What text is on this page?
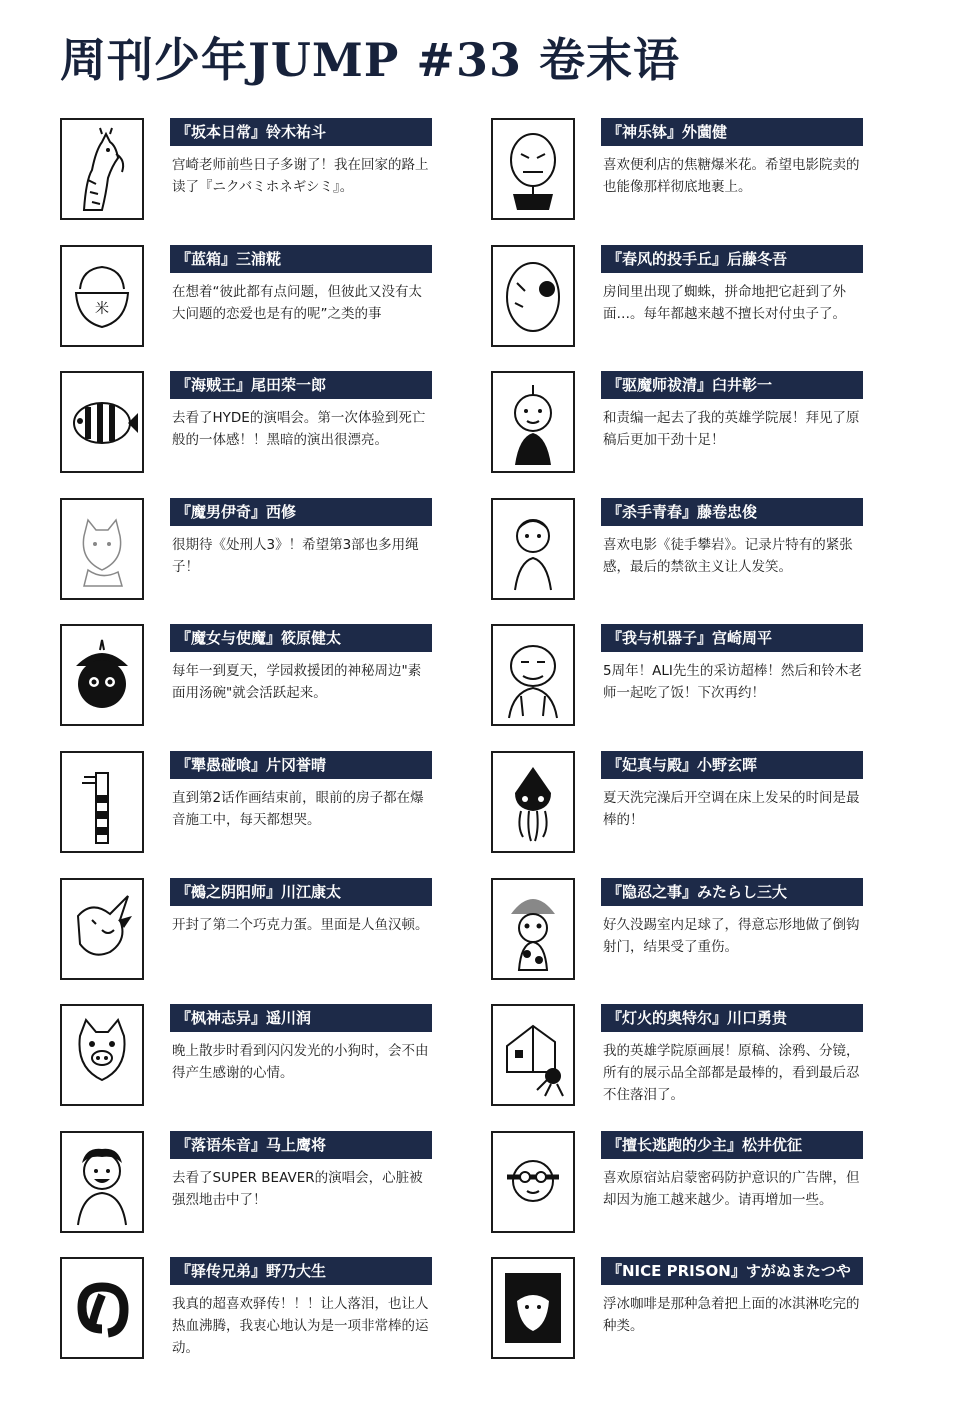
周刊少年JUMP #33 卷末语
『坂本日常』铃木祐斗

宫崎老师前些日子多谢了！我在回家的路上读了『ニクバミホネギシミ』。

『神乐钵』外薗健

喜欢便利店的焦糖爆米花。希望电影院卖的也能像那样彻底地裹上。

米
『蓝箱』三浦糀

在想着“彼此都有点问题，但彼此又没有太大问题的恋爱也是有的呢”之类的事

『春风的投手丘』后藤冬吾

房间里出现了蜘蛛，拼命地把它赶到了外面…。每年都越来越不擅长对付虫子了。

『海贼王』尾田荣一郎

去看了HYDE的演唱会。第一次体验到死亡般的一体感！！黑暗的演出很漂亮。

『驱魔师祓清』臼井彰一

和责编一起去了我的英雄学院展！拜见了原稿后更加干劲十足！

『魔男伊奇』西修

很期待《处刑人3》！希望第3部也多用绳子！

『杀手青春』藤卷忠俊

喜欢电影《徒手攀岩》。记录片特有的紧张感，最后的禁欲主义让人发笑。

『魔女与使魔』筱原健太

每年一到夏天，学园救援团的神秘周边"素面用汤碗"就会活跃起来。

『我与机器子』宫崎周平

5周年！ALI先生的采访超棒！然后和铃木老师一起吃了饭！下次再约！

『犟愚碰喰』片冈誉晴

直到第2话作画结束前，眼前的房子都在爆音施工中，每天都想哭。

『妃真与殿』小野玄晖

夏天洗完澡后开空调在床上发呆的时间是最棒的！

『鵺之阴阳师』川江康太

开封了第二个巧克力蛋。里面是人鱼汉顿。

『隐忍之事』みたらし三大

好久没踢室内足球了，得意忘形地做了倒钩射门，结果受了重伤。

『枫神志异』遥川润

晚上散步时看到闪闪发光的小狗时，会不由得产生感谢的心情。

『灯火的奥特尔』川口勇贵

我的英雄学院原画展！原稿、涂鸦、分镜，所有的展示品全部都是最棒的，看到最后忍不住落泪了。

『落语朱音』马上鹰将

去看了SUPER BEAVER的演唱会，心脏被强烈地击中了！

『擅长逃跑的少主』松井优征

喜欢原宿站启蒙密码防护意识的广告牌，但却因为施工越来越少。请再增加一些。

『驿传兄弟』野乃大生

我真的超喜欢驿传！！！让人落泪，也让人热血沸腾，我衷心地认为是一项非常棒的运动。

『NICE PRISON』すがぬまたつや

浮冰咖啡是那种急着把上面的冰淇淋吃完的种类。
